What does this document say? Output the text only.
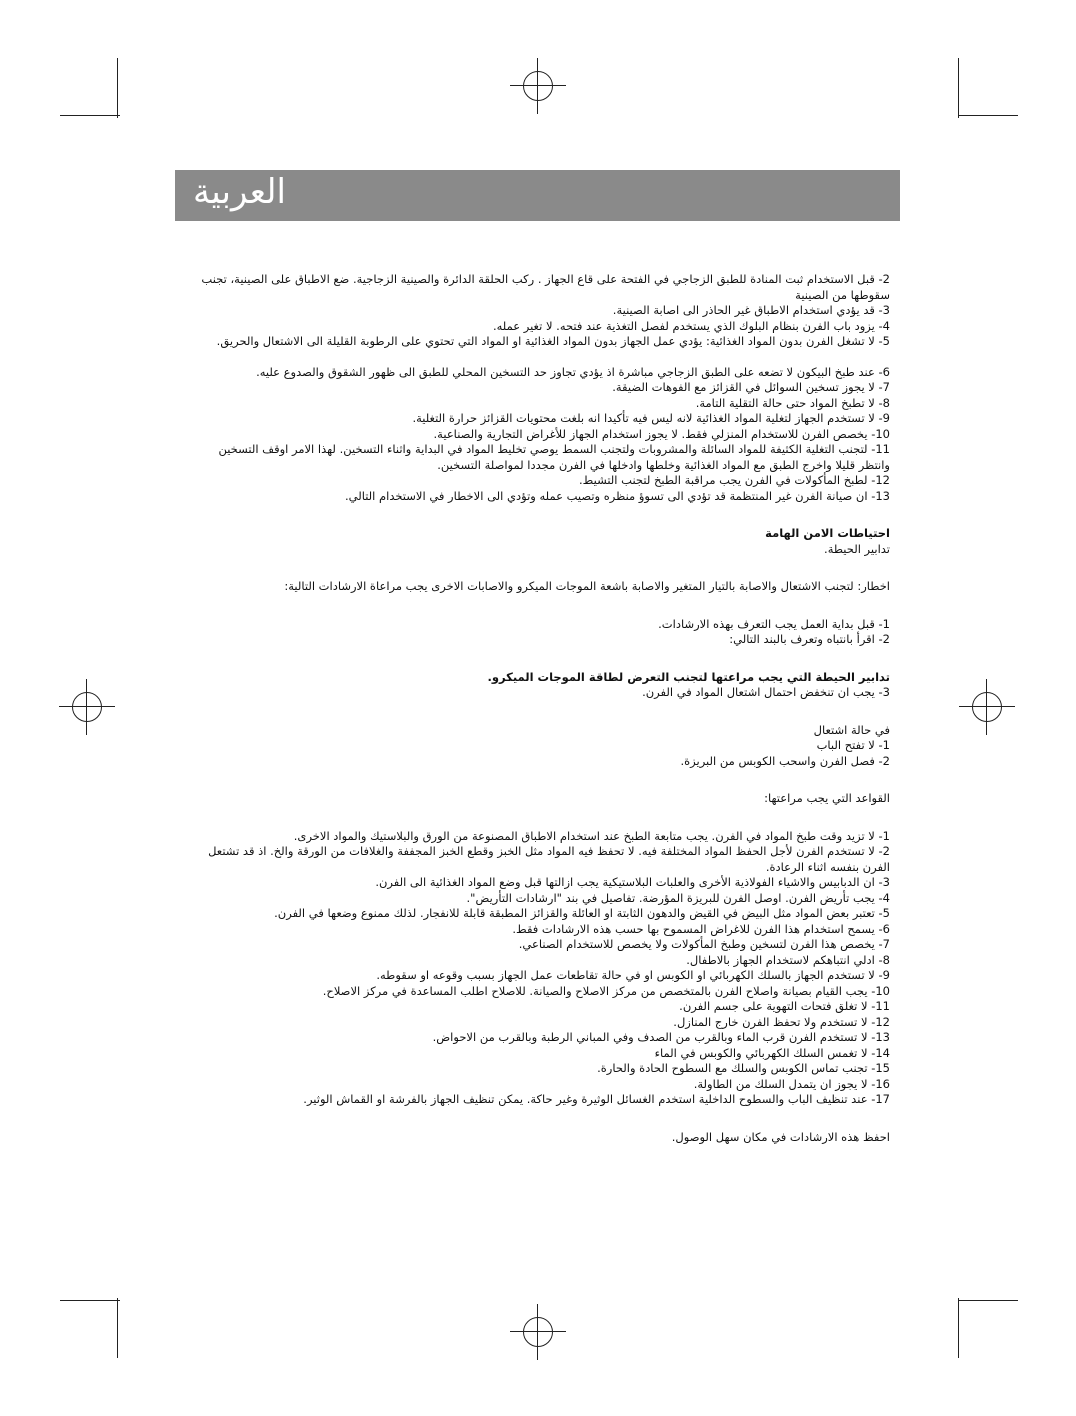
العربية

2- قبل الاستخدام ثبت المنادة للطبق الزجاجي في الفتحة على قاع الجهاز . ركب الحلقة الدائرة والصينية الزجاجية. ضع الاطباق على الصينية، تجنب سقوطها من الصينية

3- قد يؤدي استخدام الاطباق غير الحاذر الى اصابة الصينية.

4- يزود باب الفرن بنظام البلوك الذي يستخدم لفصل التغذية عند فتحه. لا تغير عمله.

5- لا تشغل الفرن بدون المواد الغذائية: يؤدي عمل الجهاز بدون المواد الغذائية او المواد التي تحتوي على الرطوبة القليلة الى الاشتعال والحريق.

6- عند طبخ البيكون لا تضعه على الطبق الزجاجي مباشرة اذ يؤدي تجاوز حد التسخين المحلي للطبق الى ظهور الشقوق والصدوع عليه.

7- لا يجوز تسخين السوائل في القزائز مع الفوهات الضيقة.

8- لا تطبخ المواد حتى حالة التقلية التامة.

9- لا تستخدم الجهاز لتغلية المواد الغذائية لانه ليس فيه تأكيدا انه بلغت محتويات القزائز حرارة التغلية.

10- يخصص الفرن للاستخدام المنزلي فقط. لا يجوز استخدام الجهاز للأغراض التجارية والصناعية.

11- لتجنب التغلية الكثيفة للمواد السائلة والمشروبات ولتجنب السمط يوصي تخليط المواد في البداية واثناء التسخين. لهذا الامر اوقف التسخين وانتظر قليلا واخرج الطبق مع المواد الغذائية وخلطها وادخلها في الفرن مجددا لمواصلة التسخين.

12- لطبخ المأكولات في الفرن يجب مراقبة الطبخ لتجنب التشيط.

13- ان صيانة الفرن غير المنتظمة قد تؤدي الى تسوؤ منظره وتصيب عمله وتؤدي الى الاخطار في الاستخدام التالي.

احتياطات الامن الهامة

تدابير الحيطة.

اخطار: لتجنب الاشتعال والاصابة بالتيار المتغير والاصابة باشعة الموجات الميكرو والاصابات الاخرى يجب مراعاة الارشادات التالية:

1- قبل بداية العمل يجب التعرف بهذه الارشادات.

2- اقرأ بانتباه وتعرف بالبند التالي:

تدابير الحيطة التي يجب مراعتها لتجنب التعرض لطاقة الموجات الميكرو.

3- يجب ان تنخفض احتمال اشتعال المواد في الفرن.

في حالة اشتعال

1- لا تفتح الباب

2- فصل الفرن واسحب الكوبس من البريزة.

القواعد التي يجب مراعتها:

1- لا تزيد وقت طبخ المواد في الفرن. يجب متابعة الطبخ عند استخدام الاطباق المصنوعة من الورق والبلاستيك والمواد الاخرى.

2- لا تستخدم الفرن لأجل الحفظ المواد المختلفة فيه. لا تحفظ فيه المواد مثل الخبز وقطع الخبز المجففة والغلافات من الورقة والخ. اذ قد تشتعل الفرن بنفسه اثناء الرعادة.

3- ان الدبابيس والاشياء الفولاذية الأخرى والعلبات البلاستيكية يجب ازالتها قبل وضع المواد الغذائية الى الفرن.

4- يجب تأريض الفرن. اوصل الفرن للبريزة المؤرضة. تفاصيل في بند "ارشادات التأريض".

5- تعتبر بعض المواد مثل البيض في القيض والدهون الثابتة او العائلة والقزائز المطبقة قابلة للانفجار. لذلك ممنوع وضعها في الفرن.

6- يسمح استخدام هذا الفرن للاغراض المسموح بها حسب هذه الارشادات فقط.

7- يخصص هذا الفرن لتسخين وطبخ المأكولات ولا يخصص للاستخدام الصناعي.

8- ادلي انتباهكم لاستخدام الجهاز بالاطفال.

9- لا تستخدم الجهاز بالسلك الكهربائي او الكوبس او في حالة تقاطعات عمل الجهاز بسبب وقوعه او سقوطه.

10- يجب القيام بصيانة واصلاح الفرن بالمتخصص من مركز الاصلاح والصيانة. للاصلاح اطلب المساعدة في مركز الاصلاح.

11- لا تغلق فتحات التهوية على جسم الفرن.

12- لا تستخدم ولا تحفظ الفرن خارج المنازل.

13- لا تستخدم الفرن قرب الماء وبالقرب من الصدف وفي المباني الرطبة وبالقرب من الاحواض.

14- لا تغمس السلك الكهربائي والكوبس في الماء

15- تجنب تماس الكوبس والسلك مع السطوح الحادة والحارة.

16- لا يجوز ان يتمدل السلك من الطاولة.

17- عند تنظيف الباب والسطوح الداخلية استخدم الغسائل الوثيرة وغير حاكة. يمكن تنظيف الجهاز بالفرشة او القماش الوثير.

احفظ هذه الارشادات في مكان سهل الوصول.
